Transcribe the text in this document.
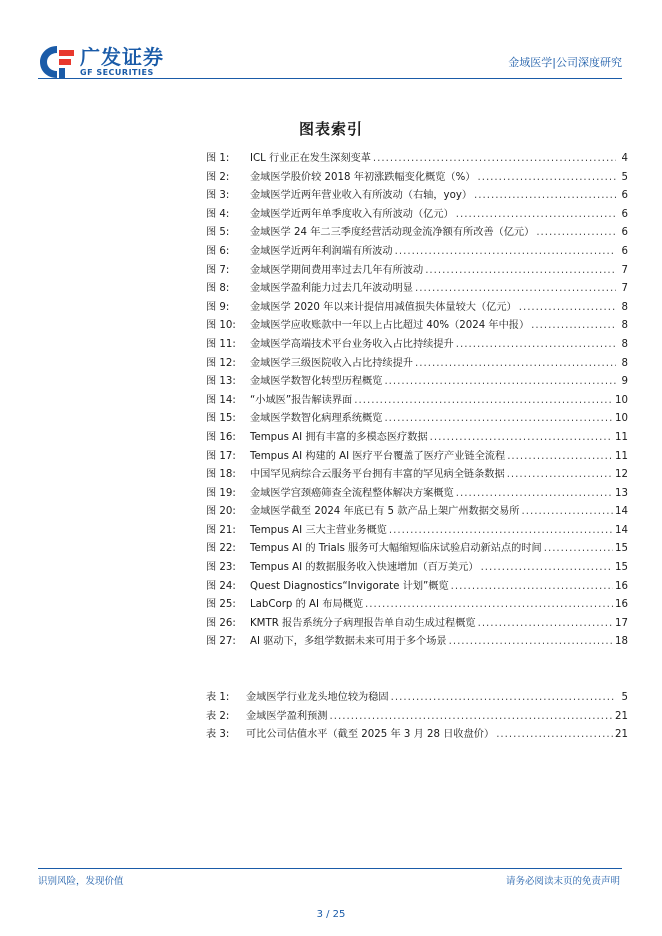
广发证券
GF SECURITIES
金域医学|公司深度研究
图表索引
图 1:	ICL 行业正在发生深刻变革 .....	4
图 2:	金域医学股价较 2018 年初涨跌幅变化概览（%） .....	5
图 3:	金域医学近两年营业收入有所波动（右轴，yoy） .....	6
图 4:	金域医学近两年单季度收入有所波动（亿元） .....	6
图 5:	金域医学 24 年二三季度经营活动现金流净额有所改善（亿元） .....	6
图 6:	金域医学近两年利润端有所波动 .....	6
图 7:	金域医学期间费用率过去几年有所波动 .....	7
图 8:	金域医学盈利能力过去几年波动明显 .....	7
图 9:	金域医学 2020 年以来计提信用减值损失体量较大（亿元） .....	8
图 10:	金域医学应收账款中一年以上占比超过 40%（2024 年中报） .....	8
图 11:	金域医学高端技术平台业务收入占比持续提升 .....	8
图 12:	金域医学三级医院收入占比持续提升 .....	8
图 13:	金域医学数智化转型历程概览 .....	9
图 14:	“小域医”报告解读界面 .....	10
图 15:	金域医学数智化病理系统概览 .....	10
图 16:	Tempus AI 拥有丰富的多模态医疗数据 .....	11
图 17:	Tempus AI 构建的 AI 医疗平台覆盖了医疗产业链全流程 .....	11
图 18:	中国罕见病综合云服务平台拥有丰富的罕见病全链条数据 .....	12
图 19:	金域医学宫颈癌筛查全流程整体解决方案概览 .....	13
图 20:	金域医学截至 2024 年底已有 5 款产品上架广州数据交易所 .....	14
图 21:	Tempus AI 三大主营业务概览 .....	14
图 22:	Tempus AI 的 Trials 服务可大幅缩短临床试验启动新站点的时间 .....	15
图 23:	Tempus AI 的数据服务收入快速增加（百万美元） .....	15
图 24:	Quest Diagnostics“Invigorate 计划”概览 .....	16
图 25:	LabCorp 的 AI 布局概览 .....	16
图 26:	KMTR 报告系统分子病理报告单自动生成过程概览 .....	17
图 27:	AI 驱动下，多组学数据未来可用于多个场景 .....	18
表 1:	金域医学行业龙头地位较为稳固 .....	5
表 2:	金域医学盈利预测 .....	21
表 3:	可比公司估值水平（截至 2025 年 3 月 28 日收盘价） .....	21
识别风险，发现价值	请务必阅读末页的免责声明
3 / 25
